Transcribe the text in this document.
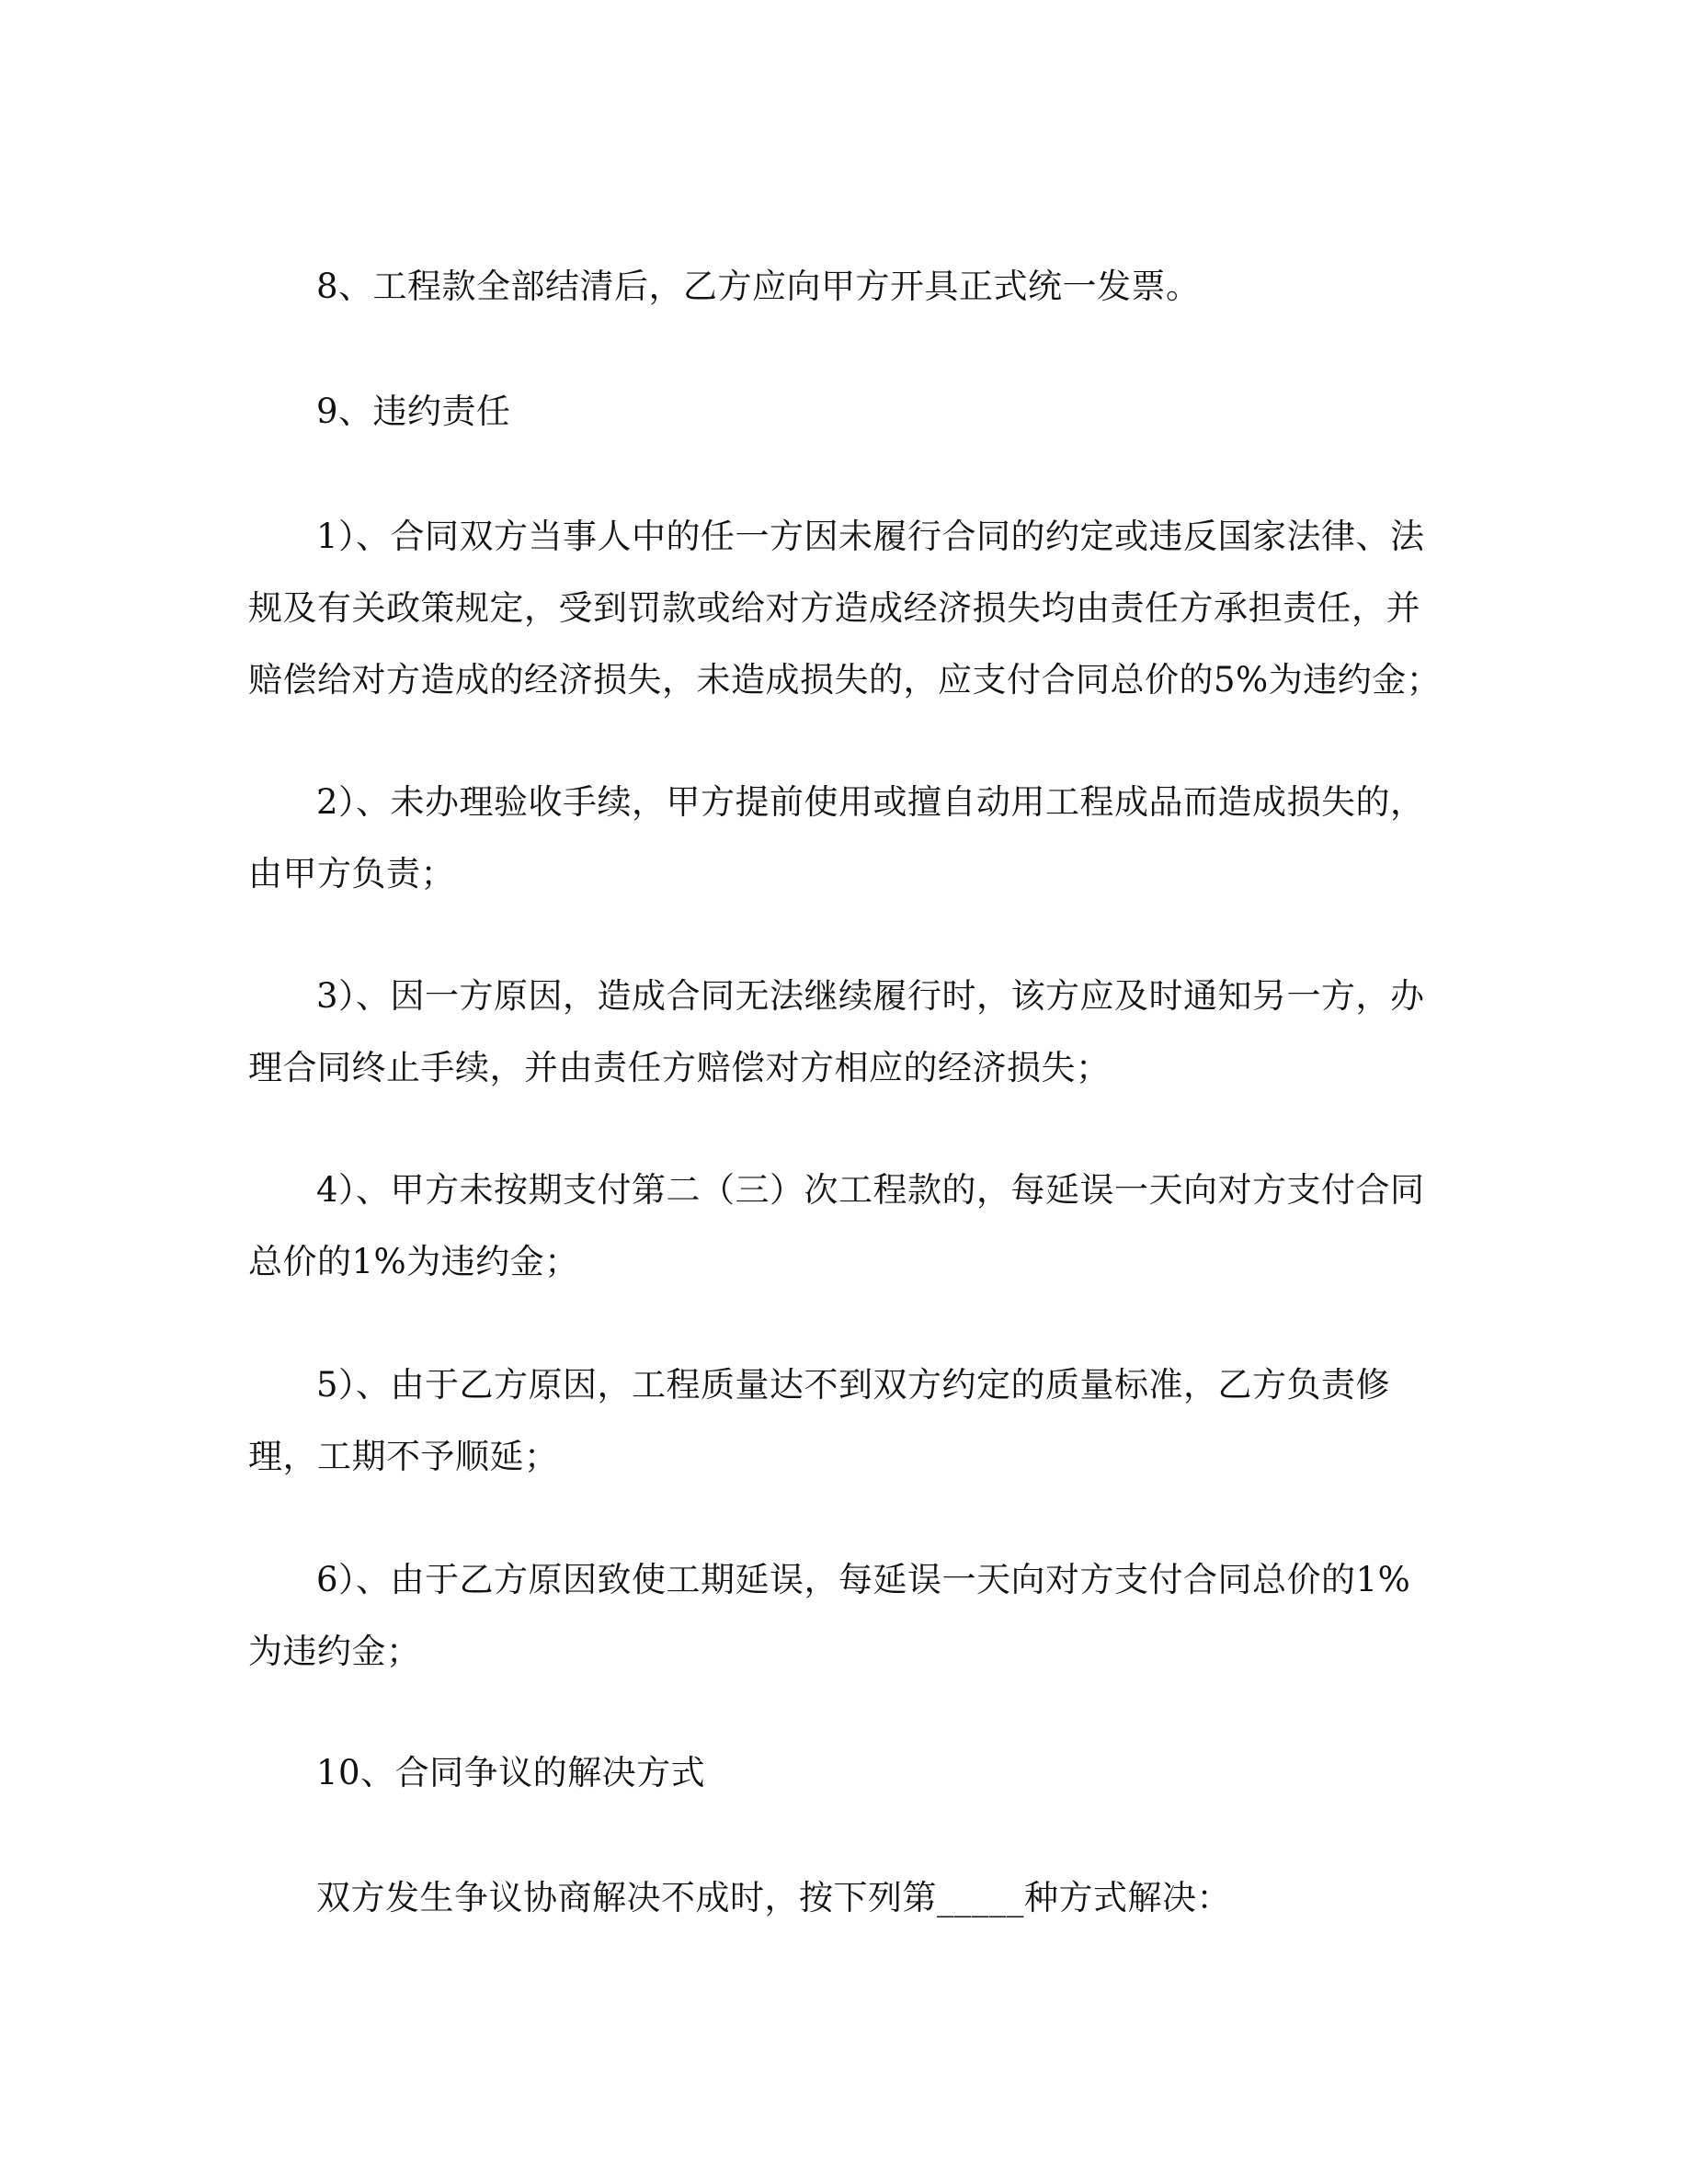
8、工程款全部结清后，乙方应向甲方开具正式统一发票。

9、违约责任

1）、合同双方当事人中的任一方因未履行合同的约定或违反国家法律、法规及有关政策规定，受到罚款或给对方造成经济损失均由责任方承担责任，并赔偿给对方造成的经济损失，未造成损失的，应支付合同总价的5%为违约金；

2）、未办理验收手续，甲方提前使用或擅自动用工程成品而造成损失的，由甲方负责；

3）、因一方原因，造成合同无法继续履行时，该方应及时通知另一方，办理合同终止手续，并由责任方赔偿对方相应的经济损失；

4）、甲方未按期支付第二（三）次工程款的，每延误一天向对方支付合同总价的1%为违约金；

5）、由于乙方原因，工程质量达不到双方约定的质量标准，乙方负责修理，工期不予顺延；

6）、由于乙方原因致使工期延误，每延误一天向对方支付合同总价的1%为违约金；

10、合同争议的解决方式

双方发生争议协商解决不成时，按下列第_____种方式解决：
